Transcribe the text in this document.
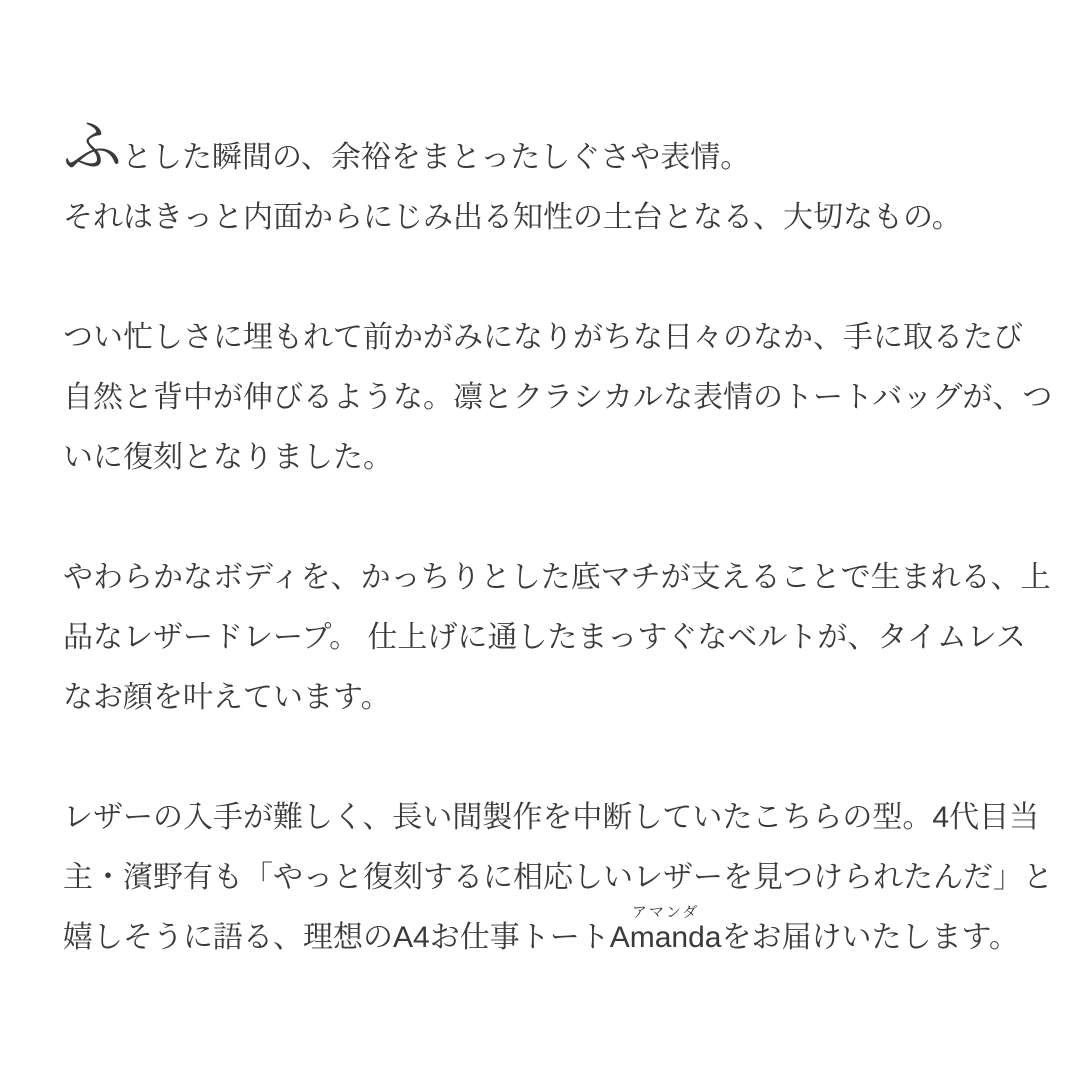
ふとした瞬間の、余裕をまとったしぐさや表情。
それはきっと内面からにじみ出る知性の土台となる、大切なもの。

つい忙しさに埋もれて前かがみになりがちな日々のなか、手に取るたび
自然と背中が伸びるような。凛とクラシカルな表情のトートバッグが、つ
いに復刻となりました。

やわらかなボディを、かっちりとした底マチが支えることで生まれる、上
品なレザードレープ。 仕上げに通したまっすぐなベルトが、タイムレス
なお顔を叶えています。

レザーの入手が難しく、長い間製作を中断していたこちらの型。4代目当
主・濱野有も「やっと復刻するに相応しいレザーを見つけられたんだ」と
嬉しそうに語る、理想のA4お仕事トート
アマンダ
Amandaをお届けいたします。
